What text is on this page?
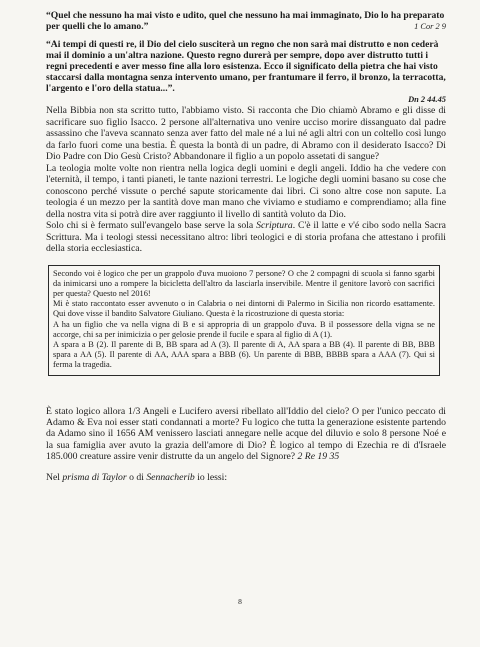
“Quel che nessuno ha mai visto e udito, quel che nessuno ha mai immaginato, Dio lo ha preparato per quelli che lo amano.”	1 Cor 2 9

“Ai tempi di questi re, il Dio del cielo susciterà un regno che non sarà mai distrutto e non cederà mai il dominio a un'altra nazione. Questo regno durerà per sempre, dopo aver distrutto tutti i regni precedenti e aver messo fine alla loro esistenza. Ecco il significato della pietra che hai visto staccarsi dalla montagna senza intervento umano, per frantumare il ferro, il bronzo, la terracotta, l'argento e l'oro della statua...”.

Dn 2 44.45

Nella Bibbia non sta scritto tutto, l'abbiamo visto. Si racconta che Dio chiamò Abramo e gli disse di sacrificare suo figlio Isacco. 2 persone all'alternativa uno venire ucciso morire dissanguato dal padre assassino che l'aveva scannato senza aver fatto del male né a lui né agli altri con un coltello così lungo da farlo fuori come una bestia. È questa la bontà di un padre, di Abramo con il desiderato Isacco? Di Dio Padre con Dio Gesù Cristo? Abbandonare il figlio a un popolo assetati di sangue?

La teologia molte volte non rientra nella logica degli uomini e degli angeli. Iddio ha che vedere con l'eternità, il tempo, i tanti pianeti, le tante nazioni terrestri. Le logiche degli uomini basano su cose che conoscono perché vissute o perché sapute storicamente dai libri. Ci sono altre cose non sapute. La teologia é un mezzo per la santità dove man mano che viviamo e studiamo e comprendiamo; alla fine della nostra vita si potrà dire aver raggiunto il livello di santità voluto da Dio.

Solo chi si è fermato sull'evangelo base serve la sola Scriptura. C'è il latte e v'é cibo sodo nella Sacra Scrittura. Ma i teologi stessi necessitano altro: libri teologici e di storia profana che attestano i profili della storia ecclesiastica.

Secondo voi è logico che per un grappolo d'uva muoiono 7 persone? O che 2 compagni di scuola si fanno sgarbi da inimicarsi uno a rompere la bicicletta dell'altro da lasciarla inservibile. Mentre il genitore lavorò con sacrifici per questa? Questo nel 2016!

Mi è stato raccontato esser avvenuto o in Calabria o nei dintorni di Palermo in Sicilia non ricordo esattamente. Qui dove visse il bandito Salvatore Giuliano. Questa è la ricostruzione di questa storia:

A ha un figlio che va nella vigna di B e si appropria di un grappolo d'uva. B il possessore della vigna se ne accorge, chi sa per inimicizia o per gelosie prende il fucile e spara al figlio di A (1).

A spara a B (2). Il parente di B, BB spara ad A (3). Il parente di A, AA spara a BB (4). Il parente di BB, BBB spara a AA (5). Il parente di AA, AAA spara a BBB (6). Un parente di BBB, BBBB spara a AAA (7). Qui si ferma la tragedia.

È stato logico allora 1/3 Angeli e Lucifero aversi ribellato all'Iddio del cielo? O per l'unico peccato di Adamo & Eva noi esser stati condannati a morte? Fu logico che tutta la generazione esistente partendo da Adamo sino il 1656 AM venissero lasciati annegare nelle acque del diluvio e solo 8 persone Noé e la sua famiglia aver avuto la grazia dell'amore di Dio? È logico al tempo di Ezechia re di d'Israele 185.000 creature assire venir distrutte da un angelo del Signore? 2 Re 19 35

Nel prisma di Taylor o di Sennacherib io lessi:

8
